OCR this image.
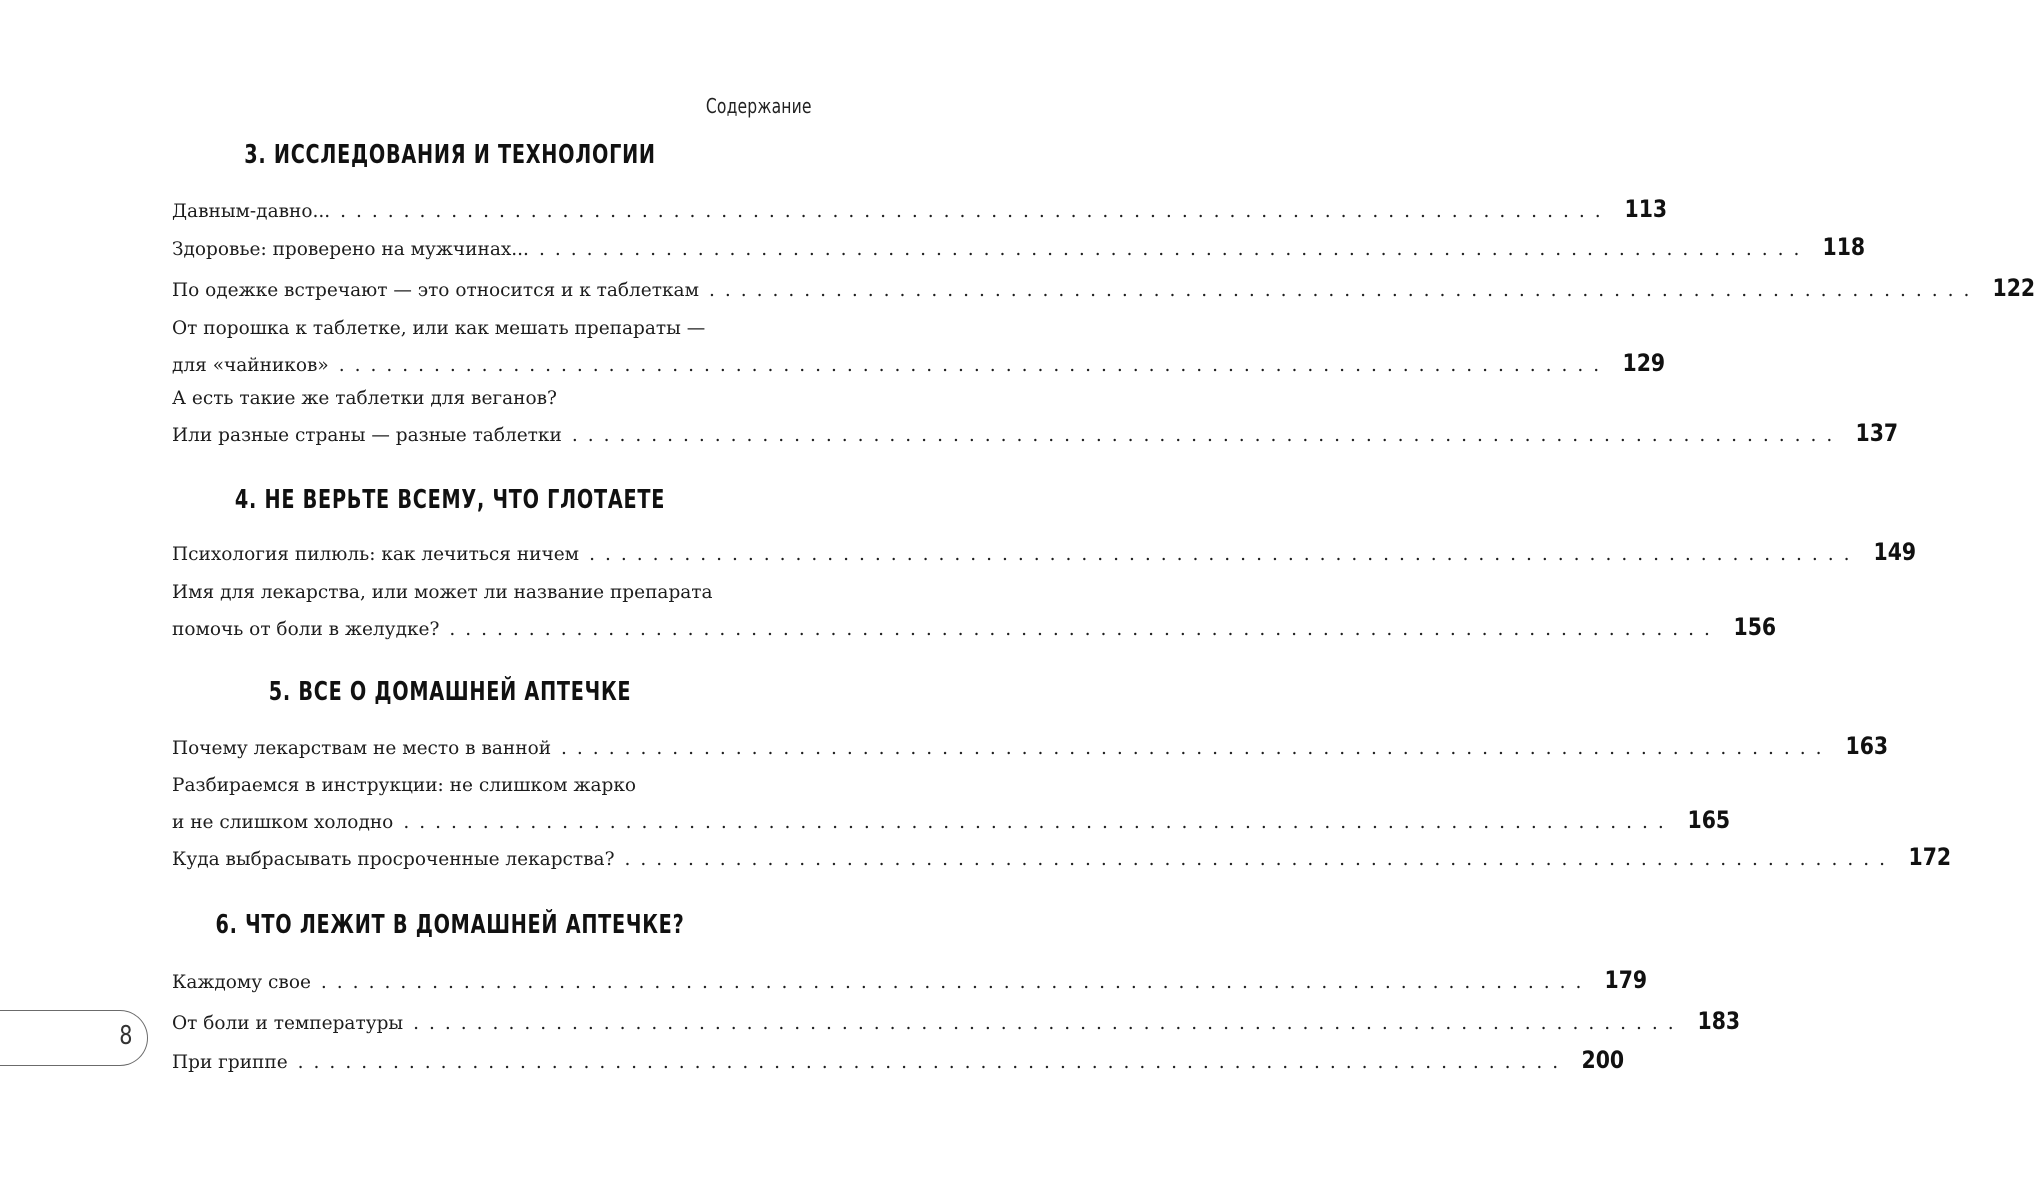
Содержание
3. ИССЛЕДОВАНИЯ И ТЕХНОЛОГИИ
Давным-давно... ................................................................................ 113
Здоровье: проверено на мужчинах... ................................................................................ 118
По одежке встречают — это относится и к таблеткам ................................................................................ 122
От порошка к таблетке, или как мешать препараты —
для «чайников» ................................................................................ 129
А есть такие же таблетки для веганов?
Или разные страны — разные таблетки ................................................................................ 137
4. НЕ ВЕРЬТЕ ВСЕМУ, ЧТО ГЛОТАЕТЕ
Психология пилюль: как лечиться ничем ................................................................................ 149
Имя для лекарства, или может ли название препарата
помочь от боли в желудке? ................................................................................ 156
5. ВСЕ О ДОМАШНЕЙ АПТЕЧКЕ
Почему лекарствам не место в ванной ................................................................................ 163
Разбираемся в инструкции: не слишком жарко
и не слишком холодно ................................................................................ 165
Куда выбрасывать просроченные лекарства? ................................................................................ 172
6. ЧТО ЛЕЖИТ В ДОМАШНЕЙ АПТЕЧКЕ?
Каждому свое ................................................................................ 179
От боли и температуры ................................................................................ 183
При гриппе ................................................................................ 200
8
